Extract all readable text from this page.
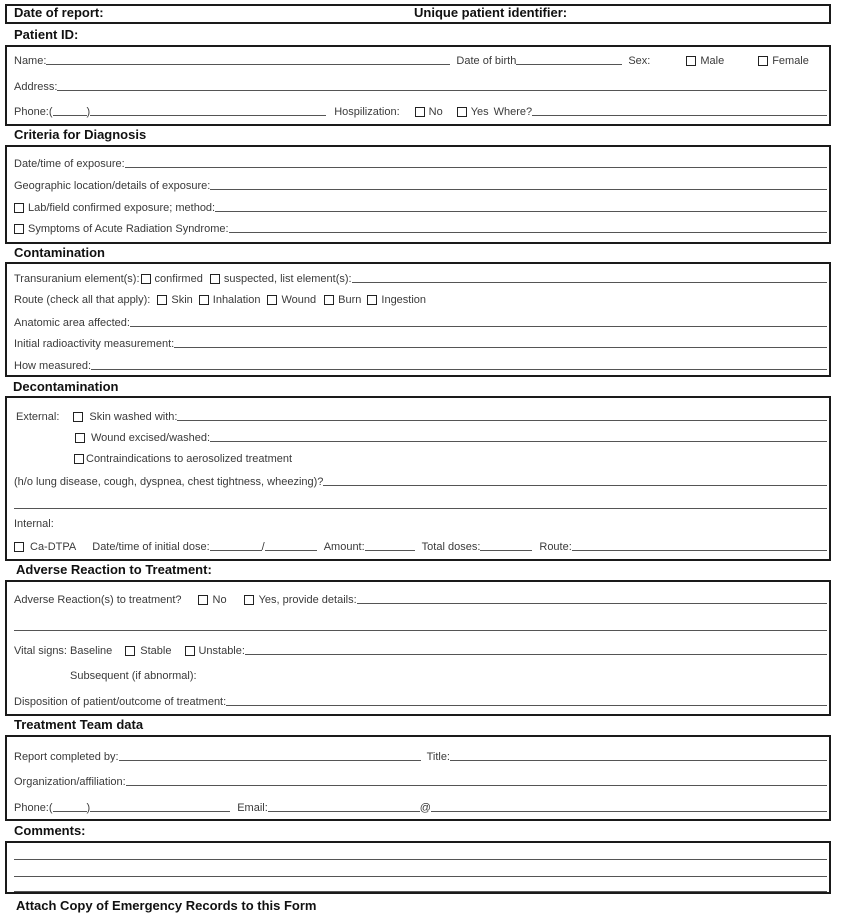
Date of report:	Unique patient identifier:
Patient ID:
Name:	Date of birth	Sex:	Male	Female
Address:
Phone:(	)	Hospilization:	No	Yes Where?
Criteria for Diagnosis
Date/time of exposure:
Geographic location/details of exposure:
Lab/field confirmed exposure; method:
Symptoms of Acute Radiation Syndrome:
Contamination
Transuranium element(s): confirmed suspected, list element(s):
Route (check all that apply): Skin Inhalation Wound Burn Ingestion
Anatomic area affected:
Initial radioactivity measurement:
How measured:
Decontamination
External:	Skin washed with:
Wound excised/washed:
Contraindications to aerosolized treatment
(h/o lung disease, cough, dyspnea, chest tightness, wheezing)?
Internal:
Ca-DTPA Date/time of initial dose:	/	Amount:	Total doses:	Route:
Adverse Reaction to Treatment:
Adverse Reaction(s) to treatment?	No	Yes, provide details:
Vital signs: Baseline	Stable Unstable:
Subsequent (if abnormal):
Disposition of patient/outcome of treatment:
Treatment Team data
Report completed by:	Title:
Organization/affiliation:
Phone:(	)	Email:	@
Comments:
Attach Copy of Emergency Records to this Form
